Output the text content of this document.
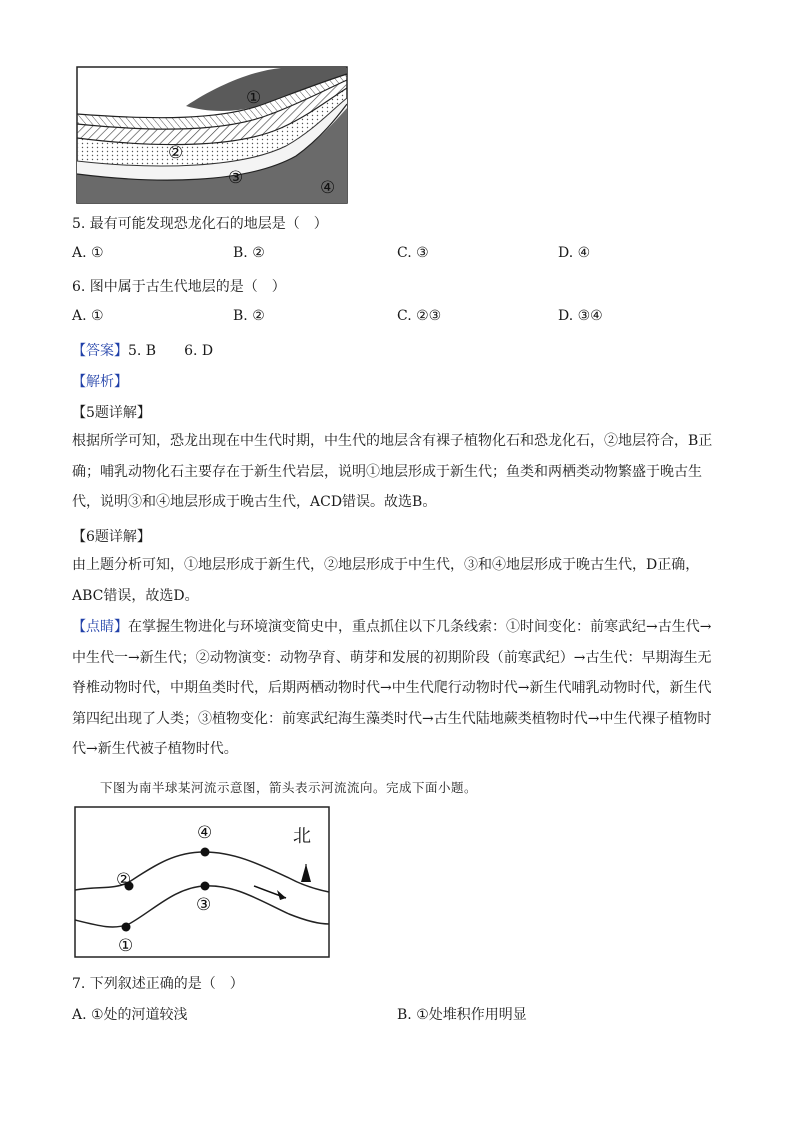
①
②
③	④
5. 最有可能发现恐龙化石的地层是（　）
A. ①	B. ②	C. ③	D. ④
6. 图中属于古生代地层的是（　）
A. ①	B. ②	C. ②③	D. ③④
【答案】5. B　　6. D
【解析】
【5题详解】
根据所学可知，恐龙出现在中生代时期，中生代的地层含有裸子植物化石和恐龙化石，②地层符合，B正确；哺乳动物化石主要存在于新生代岩层，说明①地层形成于新生代；鱼类和两栖类动物繁盛于晚古生代，说明③和④地层形成于晚古生代，ACD错误。故选B。
【6题详解】
由上题分析可知，①地层形成于新生代，②地层形成于中生代，③和④地层形成于晚古生代，D正确，ABC错误，故选D。
【点睛】在掌握生物进化与环境演变简史中，重点抓住以下几条线索：①时间变化：前寒武纪→古生代→中生代一→新生代；②动物演变：动物孕育、萌芽和发展的初期阶段（前寒武纪）→古生代：早期海生无脊椎动物时代，中期鱼类时代，后期两栖动物时代→中生代爬行动物时代→新生代哺乳动物时代，新生代第四纪出现了人类；③植物变化：前寒武纪海生藻类时代→古生代陆地蕨类植物时代→中生代裸子植物时代→新生代被子植物时代。
下图为南半球某河流示意图，箭头表示河流流向。完成下面小题。
北
④
②
③
①
7. 下列叙述正确的是（　）
A. ①处的河道较浅	B. ①处堆积作用明显
